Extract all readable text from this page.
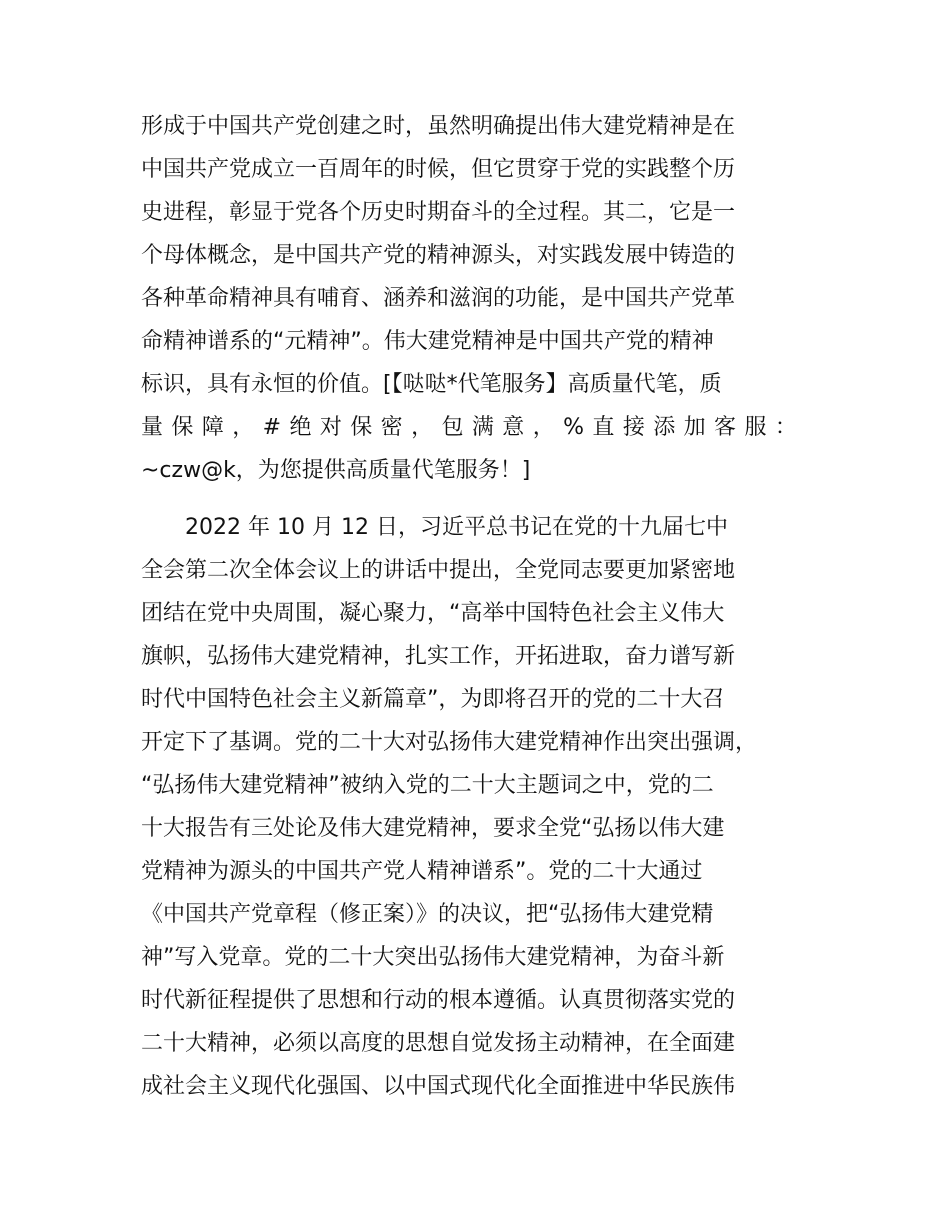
形成于中国共产党创建之时，虽然明确提出伟大建党精神是在
中国共产党成立一百周年的时候，但它贯穿于党的实践整个历
史进程，彰显于党各个历史时期奋斗的全过程。其二，它是一
个母体概念，是中国共产党的精神源头，对实践发展中铸造的
各种革命精神具有哺育、涵养和滋润的功能，是中国共产党革
命精神谱系的“元精神”。伟大建党精神是中国共产党的精神
标识，具有永恒的价值。[【哒哒*代笔服务】高质量代笔，质
量 保 障 ， # 绝 对 保 密 ， 包 满 意 ， % 直 接 添 加 客 服 ：
~czw@k，为您提供高质量代笔服务！]
　　2022 年 10 月 12 日，习近平总书记在党的十九届七中
全会第二次全体会议上的讲话中提出，全党同志要更加紧密地
团结在党中央周围，凝心聚力，“高举中国特色社会主义伟大
旗帜，弘扬伟大建党精神，扎实工作，开拓进取，奋力谱写新
时代中国特色社会主义新篇章”，为即将召开的党的二十大召
开定下了基调。党的二十大对弘扬伟大建党精神作出突出强调，
“弘扬伟大建党精神”被纳入党的二十大主题词之中，党的二
十大报告有三处论及伟大建党精神，要求全党“弘扬以伟大建
党精神为源头的中国共产党人精神谱系”。党的二十大通过
《中国共产党章程（修正案）》的决议，把“弘扬伟大建党精
神”写入党章。党的二十大突出弘扬伟大建党精神，为奋斗新
时代新征程提供了思想和行动的根本遵循。认真贯彻落实党的
二十大精神，必须以高度的思想自觉发扬主动精神，在全面建
成社会主义现代化强国、以中国式现代化全面推进中华民族伟
